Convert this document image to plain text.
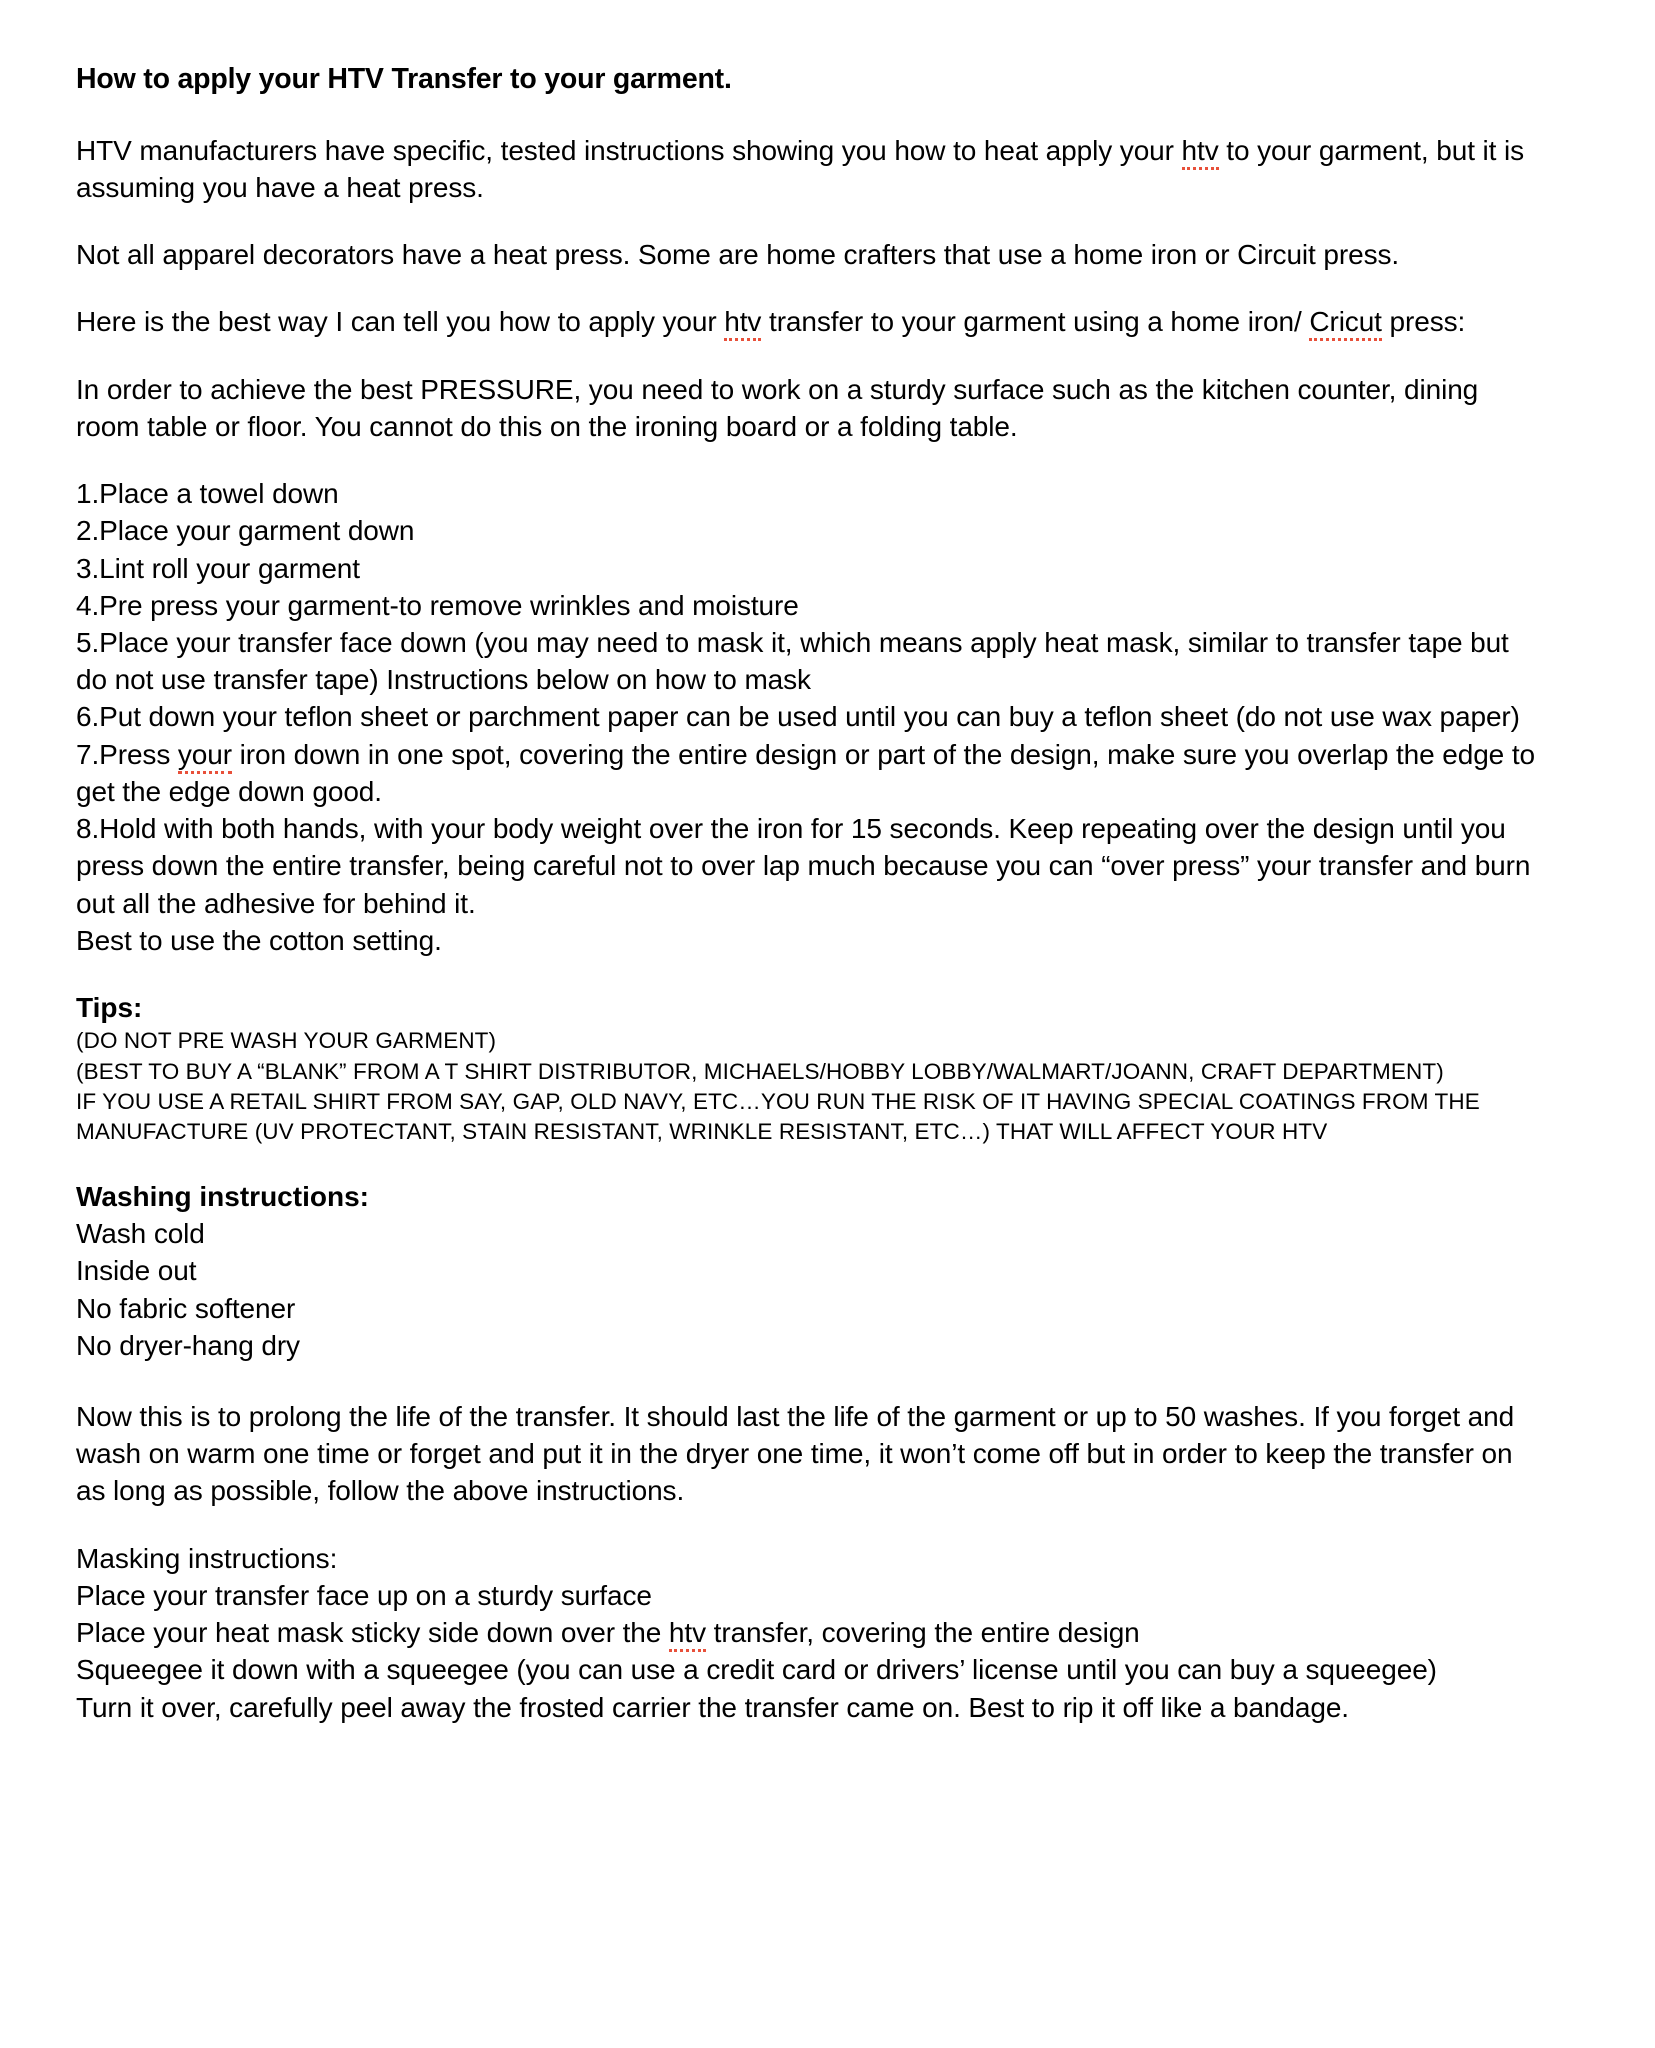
How to apply your HTV Transfer to your garment.

HTV manufacturers have specific, tested instructions showing you how to heat apply your htv to your garment, but it is assuming you have a heat press.

Not all apparel decorators have a heat press. Some are home crafters that use a home iron or Circuit press.

Here is the best way I can tell you how to apply your htv transfer to your garment using a home iron/ Cricut press:

In order to achieve the best PRESSURE, you need to work on a sturdy surface such as the kitchen counter, dining room table or floor. You cannot do this on the ironing board or a folding table.

1.Place a towel down
2.Place your garment down
3.Lint roll your garment
4.Pre press your garment-to remove wrinkles and moisture
5.Place your transfer face down (you may need to mask it, which means apply heat mask, similar to transfer tape but do not use transfer tape) Instructions below on how to mask
6.Put down your teflon sheet or parchment paper can be used until you can buy a teflon sheet (do not use wax paper)
7.Press your iron down in one spot, covering the entire design or part of the design, make sure you overlap the edge to get the edge down good.
8.Hold with both hands, with your body weight over the iron for 15 seconds. Keep repeating over the design until you press down the entire transfer, being careful not to over lap much because you can “over press” your transfer and burn out all the adhesive for behind it.
Best to use the cotton setting.
Tips:
(DO NOT PRE WASH YOUR GARMENT)
(BEST TO BUY A “BLANK” FROM A T SHIRT DISTRIBUTOR, MICHAELS/HOBBY LOBBY/WALMART/JOANN, CRAFT DEPARTMENT)
IF YOU USE A RETAIL SHIRT FROM SAY, GAP, OLD NAVY, ETC…YOU RUN THE RISK OF IT HAVING SPECIAL COATINGS FROM THE MANUFACTURE (UV PROTECTANT, STAIN RESISTANT, WRINKLE RESISTANT, ETC…) THAT WILL AFFECT YOUR HTV
Washing instructions:
Wash cold
Inside out
No fabric softener
No dryer-hang dry

Now this is to prolong the life of the transfer. It should last the life of the garment or up to 50 washes. If you forget and wash on warm one time or forget and put it in the dryer one time, it won’t come off but in order to keep the transfer on as long as possible, follow the above instructions.

Masking instructions:
Place your transfer face up on a sturdy surface
Place your heat mask sticky side down over the htv transfer, covering the entire design
Squeegee it down with a squeegee (you can use a credit card or drivers’ license until you can buy a squeegee)
Turn it over, carefully peel away the frosted carrier the transfer came on. Best to rip it off like a bandage.
